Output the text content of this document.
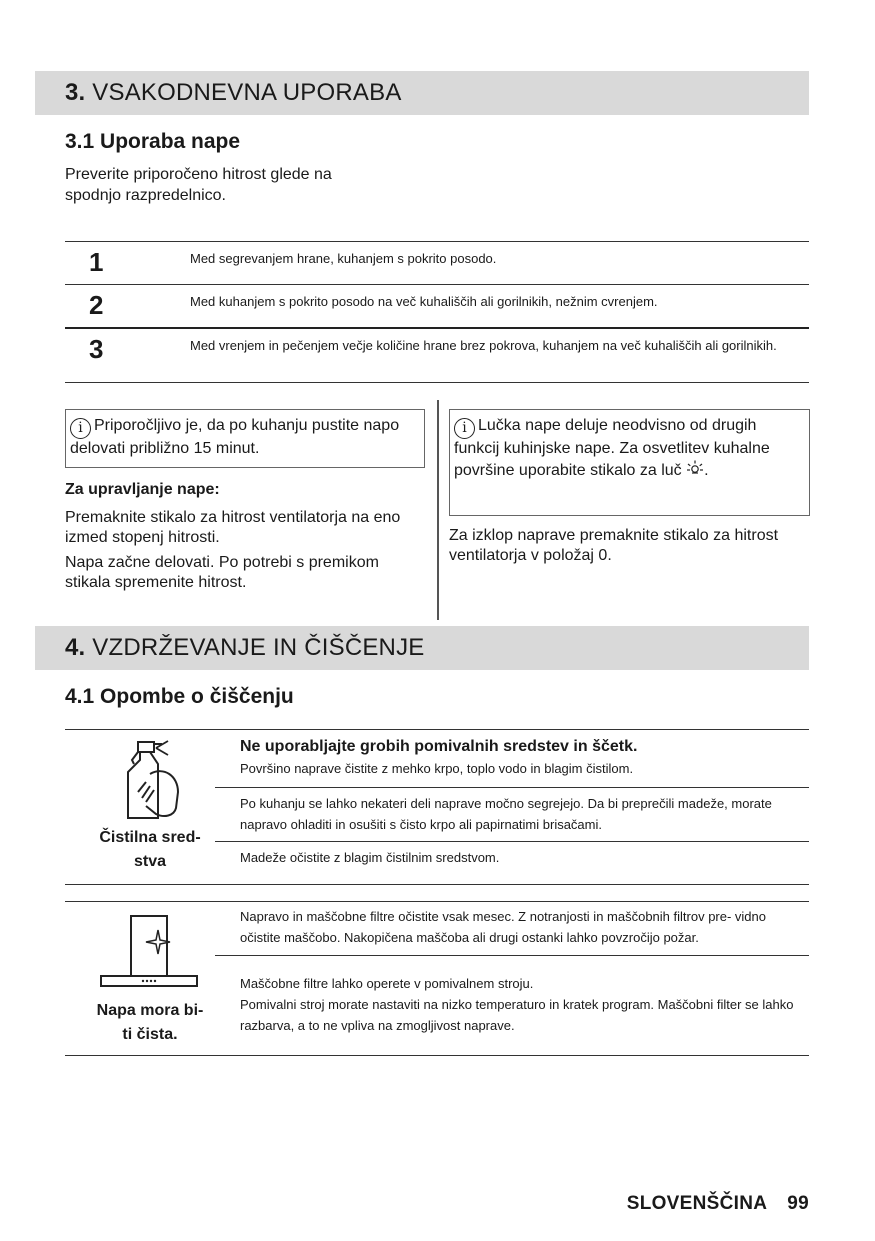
3. VSAKODNEVNA UPORABA
3.1 Uporaba nape
Preverite priporočeno hitrost glede na spodnjo razpredelnico.
1	Med segrevanjem hrane, kuhanjem s pokrito posodo.
2	Med kuhanjem s pokrito posodo na več kuhališčih ali gorilnikih, nežnim cvrenjem.
3	Med vrenjem in pečenjem večje količine hrane brez pokrova, kuhanjem na več kuhališčih ali gorilnikih.
i Priporočljivo je, da po kuhanju pustite napo delovati približno 15 minut.
Za upravljanje nape:
Premaknite stikalo za hitrost ventilatorja na eno izmed stopenj hitrosti.
Napa začne delovati. Po potrebi s premikom stikala spremenite hitrost.
i Lučka nape deluje neodvisno od drugih funkcij kuhinjske nape. Za osvetlitev kuhalne površine uporabite stikalo za luč .
Za izklop naprave premaknite stikalo za hitrost ventilatorja v položaj 0.
4. VZDRŽEVANJE IN ČIŠČENJE
4.1 Opombe o čiščenju
Čistilna sred-
stva
Ne uporabljajte grobih pomivalnih sredstev in ščetk.
Površino naprave čistite z mehko krpo, toplo vodo in blagim čistilom.
Po kuhanju se lahko nekateri deli naprave močno segrejejo. Da bi preprečili madeže, morate napravo ohladiti in osušiti s čisto krpo ali papirnatimi brisačami.
Madeže očistite z blagim čistilnim sredstvom.
Napa mora bi-
ti čista.
Napravo in maščobne filtre očistite vsak mesec. Z notranjosti in maščobnih filtrov pre- vidno očistite maščobo. Nakopičena maščoba ali drugi ostanki lahko povzročijo požar.
Maščobne filtre lahko operete v pomivalnem stroju.
Pomivalni stroj morate nastaviti na nizko temperaturo in kratek program. Maščobni filter se lahko razbarva, a to ne vpliva na zmogljivost naprave.
SLOVENŠČINA 99
